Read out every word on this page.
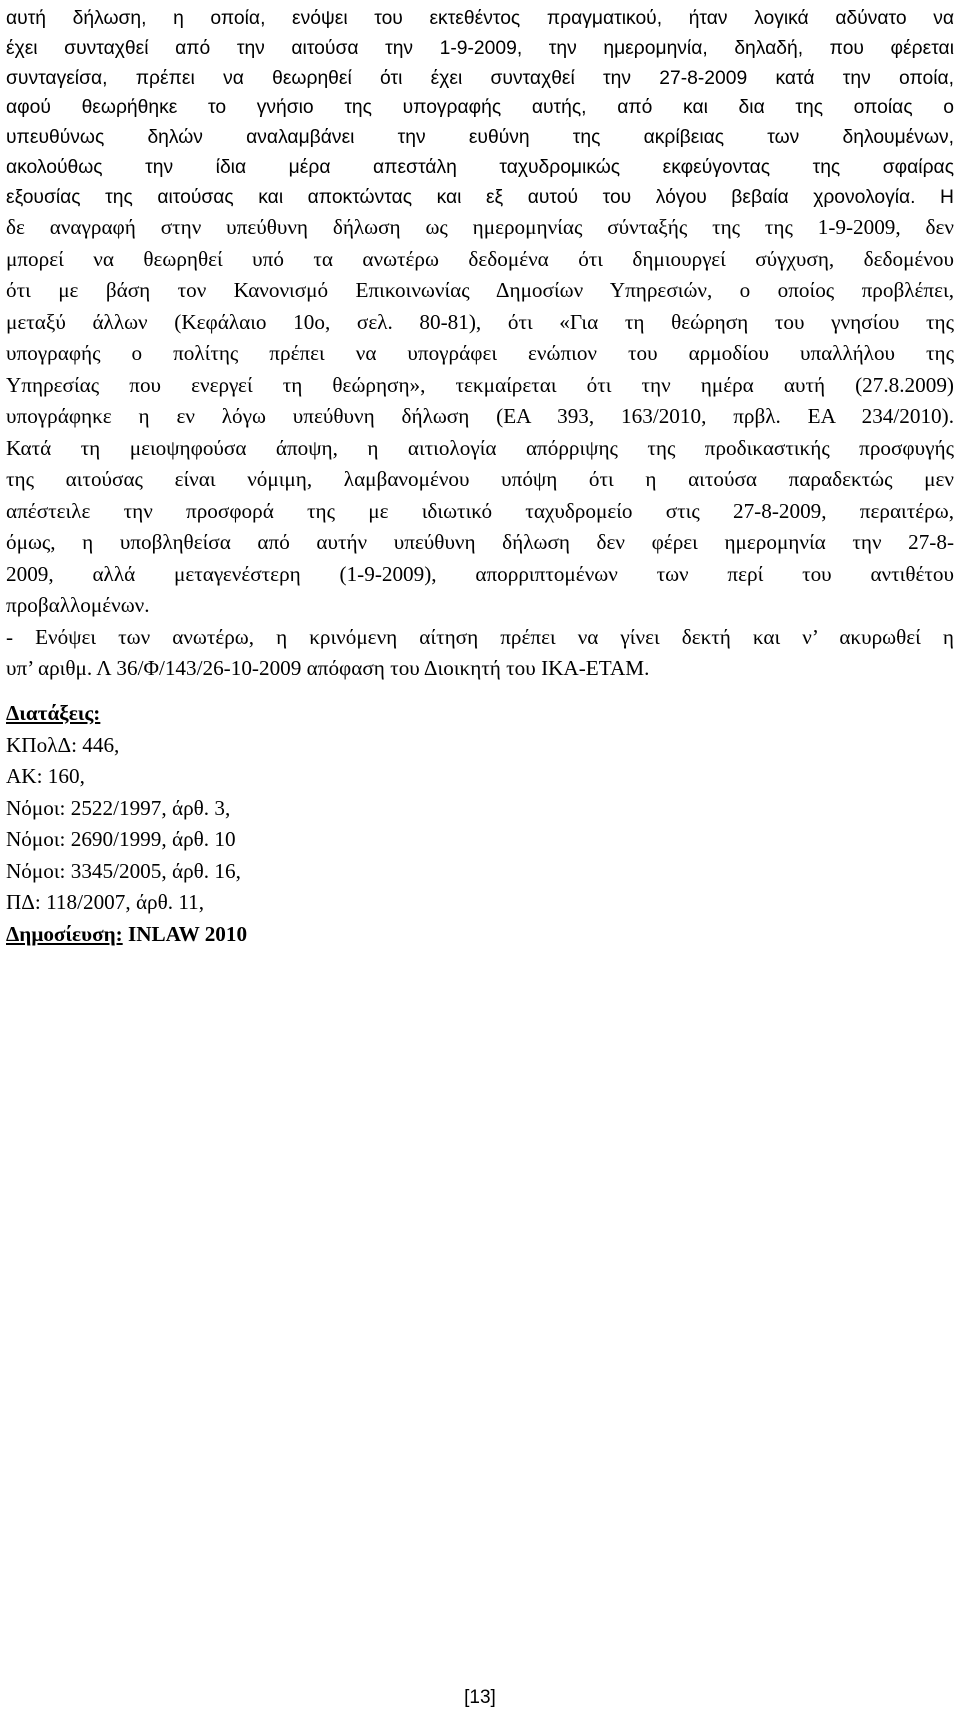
αυτή δήλωση, η οποία, ενόψει του εκτεθέντος πραγματικού, ήταν λογικά αδύνατο να

έχει συνταχθεί από την αιτούσα την 1-9-2009, την ημερομηνία, δηλαδή, που φέρεται

συνταγείσα, πρέπει να θεωρηθεί ότι έχει συνταχθεί την 27-8-2009 κατά την οποία,

αφού θεωρήθηκε το γνήσιο της υπογραφής αυτής, από και δια της οποίας ο

υπευθύνως δηλών αναλαμβάνει την ευθύνη της ακρίβειας των δηλουμένων,

ακολούθως την ίδια μέρα απεστάλη ταχυδρομικώς εκφεύγοντας της σφαίρας

εξουσίας της αιτούσας και αποκτώντας και εξ αυτού του λόγου βεβαία χρονολογία. Η

δε αναγραφή στην υπεύθυνη δήλωση ως ημερομηνίας σύνταξής της της 1-9-2009, δεν

μπορεί να θεωρηθεί υπό τα ανωτέρω δεδομένα ότι δημιουργεί σύγχυση, δεδομένου

ότι με βάση τον Κανονισμό Επικοινωνίας Δημοσίων Υπηρεσιών, ο οποίος προβλέπει,

μεταξύ άλλων (Κεφάλαιο 10ο, σελ. 80-81), ότι «Για τη θεώρηση του γνησίου της

υπογραφής ο πολίτης πρέπει να υπογράφει ενώπιον του αρμοδίου υπαλλήλου της

Υπηρεσίας που ενεργεί τη θεώρηση», τεκμαίρεται ότι την ημέρα αυτή (27.8.2009)

υπογράφηκε η εν λόγω υπεύθυνη δήλωση (ΕΑ 393, 163/2010, πρβλ. ΕΑ 234/2010).

Κατά τη μειοψηφούσα άποψη, η αιτιολογία απόρριψης της προδικαστικής προσφυγής

της αιτούσας είναι νόμιμη, λαμβανομένου υπόψη ότι η αιτούσα παραδεκτώς μεν

απέστειλε την προσφορά της με ιδιωτικό ταχυδρομείο στις 27-8-2009, περαιτέρω,

όμως, η υποβληθείσα από αυτήν υπεύθυνη δήλωση δεν φέρει ημερομηνία την 27-8-

2009, αλλά μεταγενέστερη (1-9-2009), απορριπτομένων των περί του αντιθέτου

προβαλλομένων.

- Ενόψει των ανωτέρω, η κρινόμενη αίτηση πρέπει να γίνει δεκτή και ν’ ακυρωθεί η

υπ’ αριθμ. Λ 36/Φ/143/26-10-2009 απόφαση του Διοικητή του ΙΚΑ-ΕΤΑΜ.

Διατάξεις:

ΚΠολΔ: 446,

ΑΚ: 160,

Νόμοι: 2522/1997, άρθ. 3,

Νόμοι: 2690/1999, άρθ. 10

Νόμοι: 3345/2005, άρθ. 16,

ΠΔ: 118/2007, άρθ. 11,

Δημοσίευση: INLAW 2010

[13]
